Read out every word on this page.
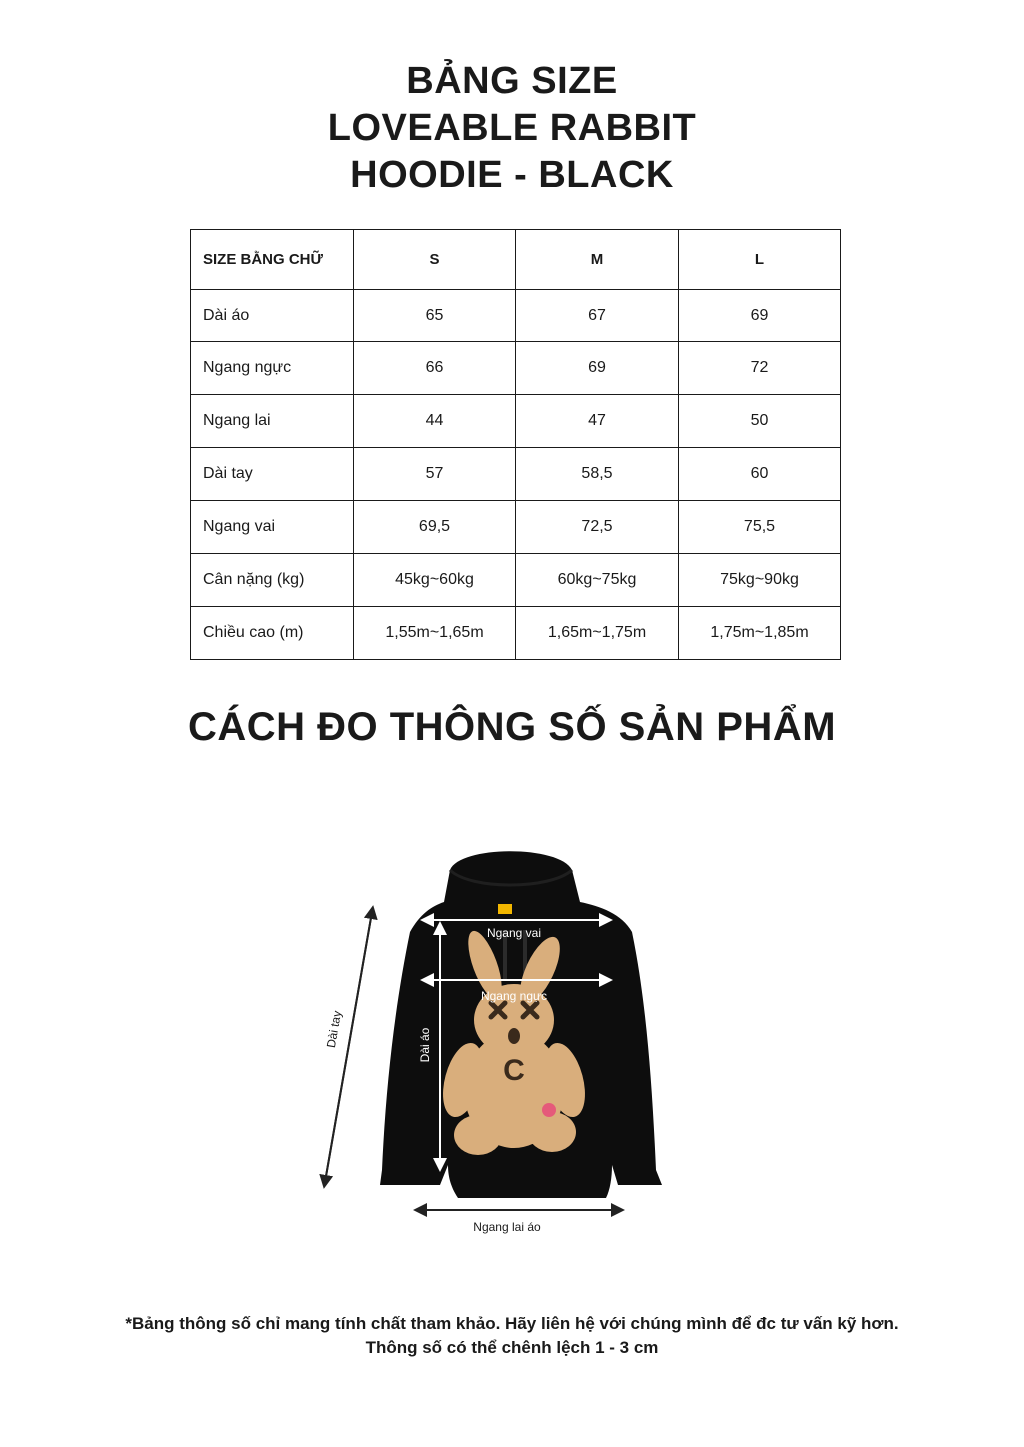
BẢNG SIZE
LOVEABLE RABBIT
HOODIE - BLACK
SIZE BẰNG CHỮ	S	M	L
Dài áo	65	67	69
Ngang ngực	66	69	72
Ngang lai	44	47	50
Dài tay	57	58,5	60
Ngang vai	69,5	72,5	75,5
Cân nặng (kg)	45kg~60kg	60kg~75kg	75kg~90kg
Chiều cao (m)	1,55m~1,65m	1,65m~1,75m	1,75m~1,85m
CÁCH ĐO THÔNG SỐ SẢN PHẨM
C
Ngang vai
Ngang ngực
Dài áo
Dài tay
Ngang lai áo
*Bảng thông số chỉ mang tính chất tham khảo. Hãy liên hệ với chúng mình để đc tư vấn kỹ hơn.
Thông số có thể chênh lệch 1 - 3 cm
